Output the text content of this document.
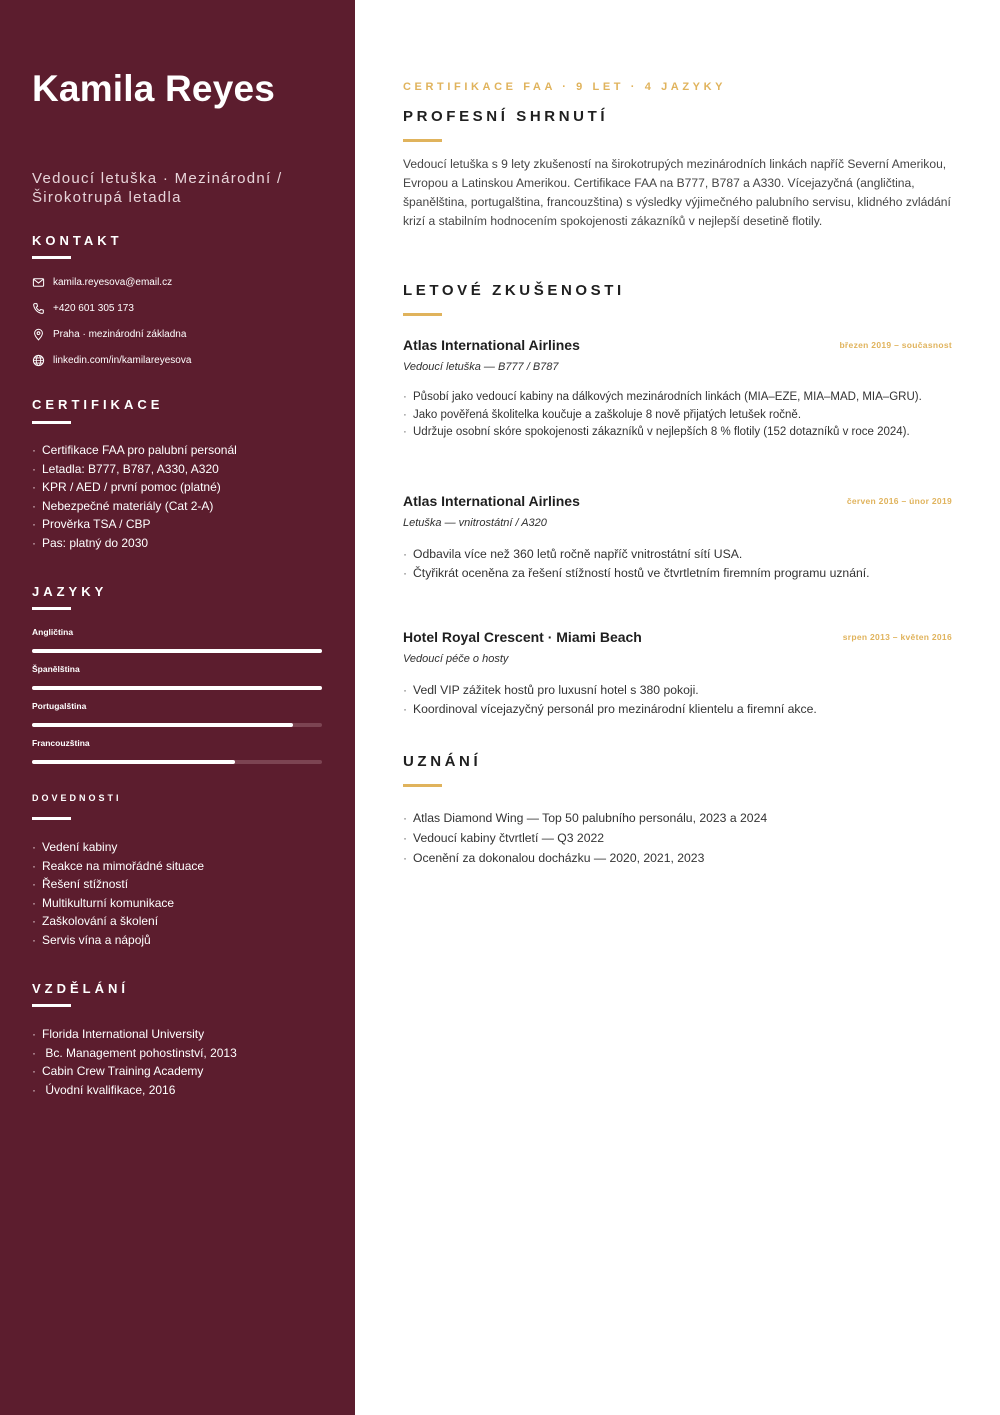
Kamila Reyes
Vedoucí letuška · Mezinárodní / Širokotrupá letadla
KONTAKT
kamila.reyesova@email.cz
+420 601 305 173
Praha · mezinárodní základna
linkedin.com/in/kamilareyesova
CERTIFIKACE
· Certifikace FAA pro palubní personál
· Letadla: B777, B787, A330, A320
· KPR / AED / první pomoc (platné)
· Nebezpečné materiály (Cat 2-A)
· Prověrka TSA / CBP
· Pas: platný do 2030
JAZYKY
Angličtina
Španělština
Portugalština
Francouzština
DOVEDNOSTI
· Vedení kabiny
· Reakce na mimořádné situace
· Řešení stížností
· Multikulturní komunikace
· Zaškolování a školení
· Servis vína a nápojů
VZDĚLÁNÍ
· Florida International University
· Bc. Management pohostinství, 2013
· Cabin Crew Training Academy
· Úvodní kvalifikace, 2016
CERTIFIKACE FAA · 9 LET · 4 JAZYKY
PROFESNÍ SHRNUTÍ

Vedoucí letuška s 9 lety zkušeností na širokotrupých mezinárodních linkách napříč Severní Amerikou, Evropou a Latinskou Amerikou. Certifikace FAA na B777, B787 a A330. Vícejazyčná (angličtina, španělština, portugalština, francouzština) s výsledky výjimečného palubního servisu, klidného zvládání krizí a stabilním hodnocením spokojenosti zákazníků v nejlepší desetině flotily.

LETOVÉ ZKUŠENOSTI
Atlas International Airlines	březen 2019 – současnost
Vedoucí letuška — B777 / B787
· Působí jako vedoucí kabiny na dálkových mezinárodních linkách (MIA–EZE, MIA–MAD, MIA–GRU).
· Jako pověřená školitelka koučuje a zaškoluje 8 nově přijatých letušek ročně.
· Udržuje osobní skóre spokojenosti zákazníků v nejlepších 8 % flotily (152 dotazníků v roce 2024).
Atlas International Airlines	červen 2016 – únor 2019
Letuška — vnitrostátní / A320
· Odbavila více než 360 letů ročně napříč vnitrostátní sítí USA.
· Čtyřikrát oceněna za řešení stížností hostů ve čtvrtletním firemním programu uznání.
Hotel Royal Crescent · Miami Beach	srpen 2013 – květen 2016
Vedoucí péče o hosty
· Vedl VIP zážitek hostů pro luxusní hotel s 380 pokoji.
· Koordinoval vícejazyčný personál pro mezinárodní klientelu a firemní akce.
UZNÁNÍ
· Atlas Diamond Wing — Top 50 palubního personálu, 2023 a 2024
· Vedoucí kabiny čtvrtletí — Q3 2022
· Ocenění za dokonalou docházku — 2020, 2021, 2023
